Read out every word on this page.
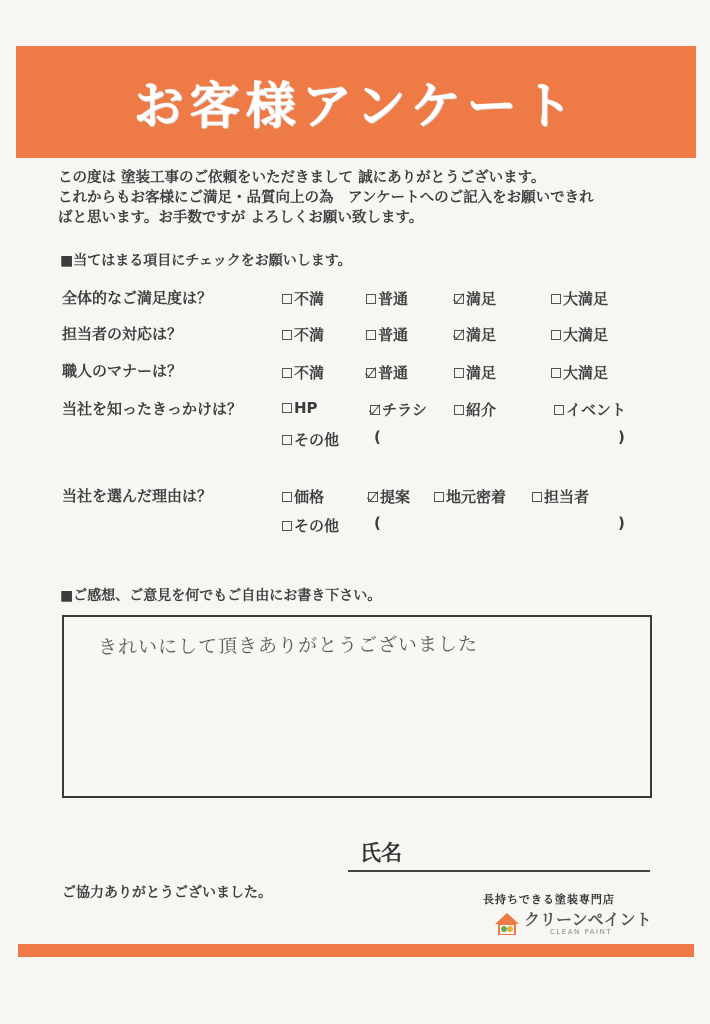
お客様アンケート
この度は 塗装工事のご依頼をいただきまして 誠にありがとうございます。
これからもお客様にご満足・品質向上の為　アンケートへのご記入をお願いできれ
ばと思います。お手数ですが よろしくお願い致します。
■当てはまる項目にチェックをお願いします。
全体的なご満足度は？	不満	普通	満足	大満足
担当者の対応は？	不満	普通	満足	大満足
職人のマナーは？	不満	普通	満足	大満足
当社を知ったきっかけは？	HP	チラシ	紹介	イベント
その他 (	)
当社を選んだ理由は？	価格	提案 地元密着	担当者
その他 (	)
■ご感想、ご意見を何でもご自由にお書き下さい。
きれいにして頂きありがとうございました
氏名
ご協力ありがとうございました。	長持ちできる塗装専門店
クリーンペイント
CLEAN PAINT
